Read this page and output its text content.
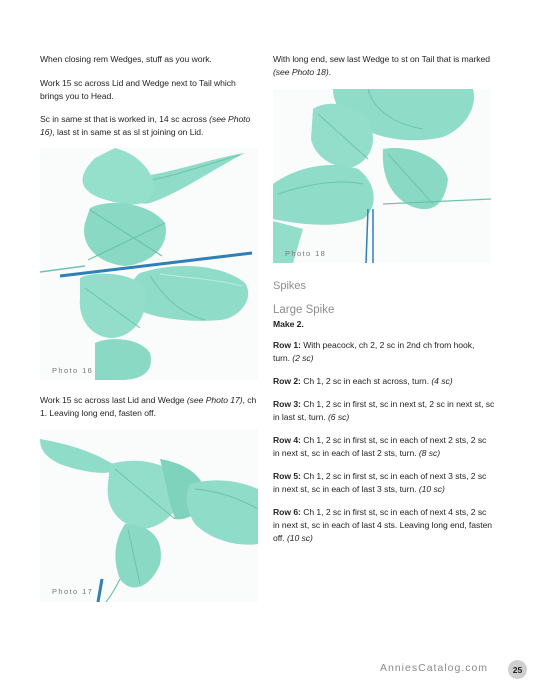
When closing rem Wedges, stuff as you work.

Work 15 sc across Lid and Wedge next to Tail which brings you to Head.

Sc in same st that is worked in, 14 sc across (see Photo 16), last st in same st as sl st joining on Lid.

Photo 16

Work 15 sc across last Lid and Wedge (see Photo 17), ch 1. Leaving long end, fasten off.

Photo 17

With long end, sew last Wedge to st on Tail that is marked (see Photo 18).

Photo 18
Spikes
Large Spike

Make 2.

Row 1: With peacock, ch 2, 2 sc in 2nd ch from hook, turn. (2 sc)

Row 2: Ch 1, 2 sc in each st across, turn. (4 sc)

Row 3: Ch 1, 2 sc in first st, sc in next st, 2 sc in next st, sc in last st, turn. (6 sc)

Row 4: Ch 1, 2 sc in first st, sc in each of next 2 sts, 2 sc in next st, sc in each of last 2 sts, turn. (8 sc)

Row 5: Ch 1, 2 sc in first st, sc in each of next 3 sts, 2 sc in next st, sc in each of last 3 sts, turn. (10 sc)

Row 6: Ch 1, 2 sc in first st, sc in each of next 4 sts, 2 sc in next st, sc in each of last 4 sts. Leaving long end, fasten off. (10 sc)

AnniesCatalog.com	25
